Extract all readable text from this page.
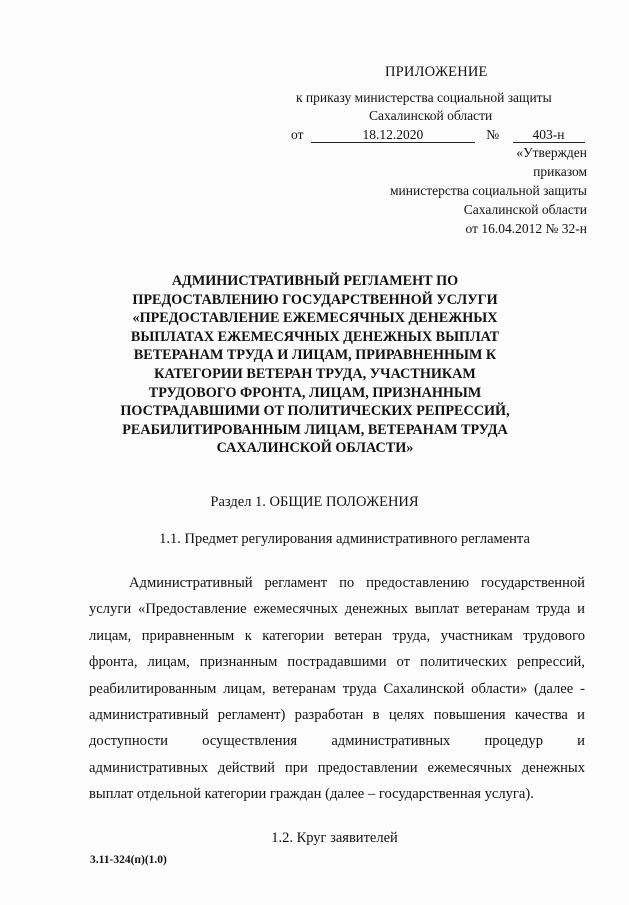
ПРИЛОЖЕНИЕ
к приказу министерства социальной защиты
Сахалинской области
от	18.12.2020	№ 403-н
«Утвержден
приказом
министерства социальной защиты
Сахалинской области
от 16.04.2012 № 32-н
АДМИНИСТРАТИВНЫЙ РЕГЛАМЕНТ ПО
ПРЕДОСТАВЛЕНИЮ ГОСУДАРСТВЕННОЙ УСЛУГИ
«ПРЕДОСТАВЛЕНИЕ ЕЖЕМЕСЯЧНЫХ ДЕНЕЖНЫХ
ВЫПЛАТАХ ЕЖЕМЕСЯЧНЫХ ДЕНЕЖНЫХ ВЫПЛАТ
ВЕТЕРАНАМ ТРУДА И ЛИЦАМ, ПРИРАВНЕННЫМ К
КАТЕГОРИИ ВЕТЕРАН ТРУДА, УЧАСТНИКАМ
ТРУДОВОГО ФРОНТА, ЛИЦАМ, ПРИЗНАННЫМ
ПОСТРАДАВШИМИ ОТ ПОЛИТИЧЕСКИХ РЕПРЕССИЙ,
РЕАБИЛИТИРОВАННЫМ ЛИЦАМ, ВЕТЕРАНАМ ТРУДА
САХАЛИНСКОЙ ОБЛАСТИ»
Раздел 1. ОБЩИЕ ПОЛОЖЕНИЯ
1.1. Предмет регулирования административного регламента
Административный регламент по предоставлению государственной услуги «Предоставление ежемесячных денежных выплат ветеранам труда и лицам, приравненным к категории ветеран труда, участникам трудового фронта, лицам, признанным пострадавшими от политических репрессий, реабилитированным лицам, ветеранам труда Сахалинской области» (далее - административный регламент) разработан в целях повышения качества и доступности осуществления административных процедур и административных действий при предоставлении ежемесячных денежных выплат отдельной категории граждан (далее – государственная услуга).
1.2. Круг заявителей
3.11-324(п)(1.0)
